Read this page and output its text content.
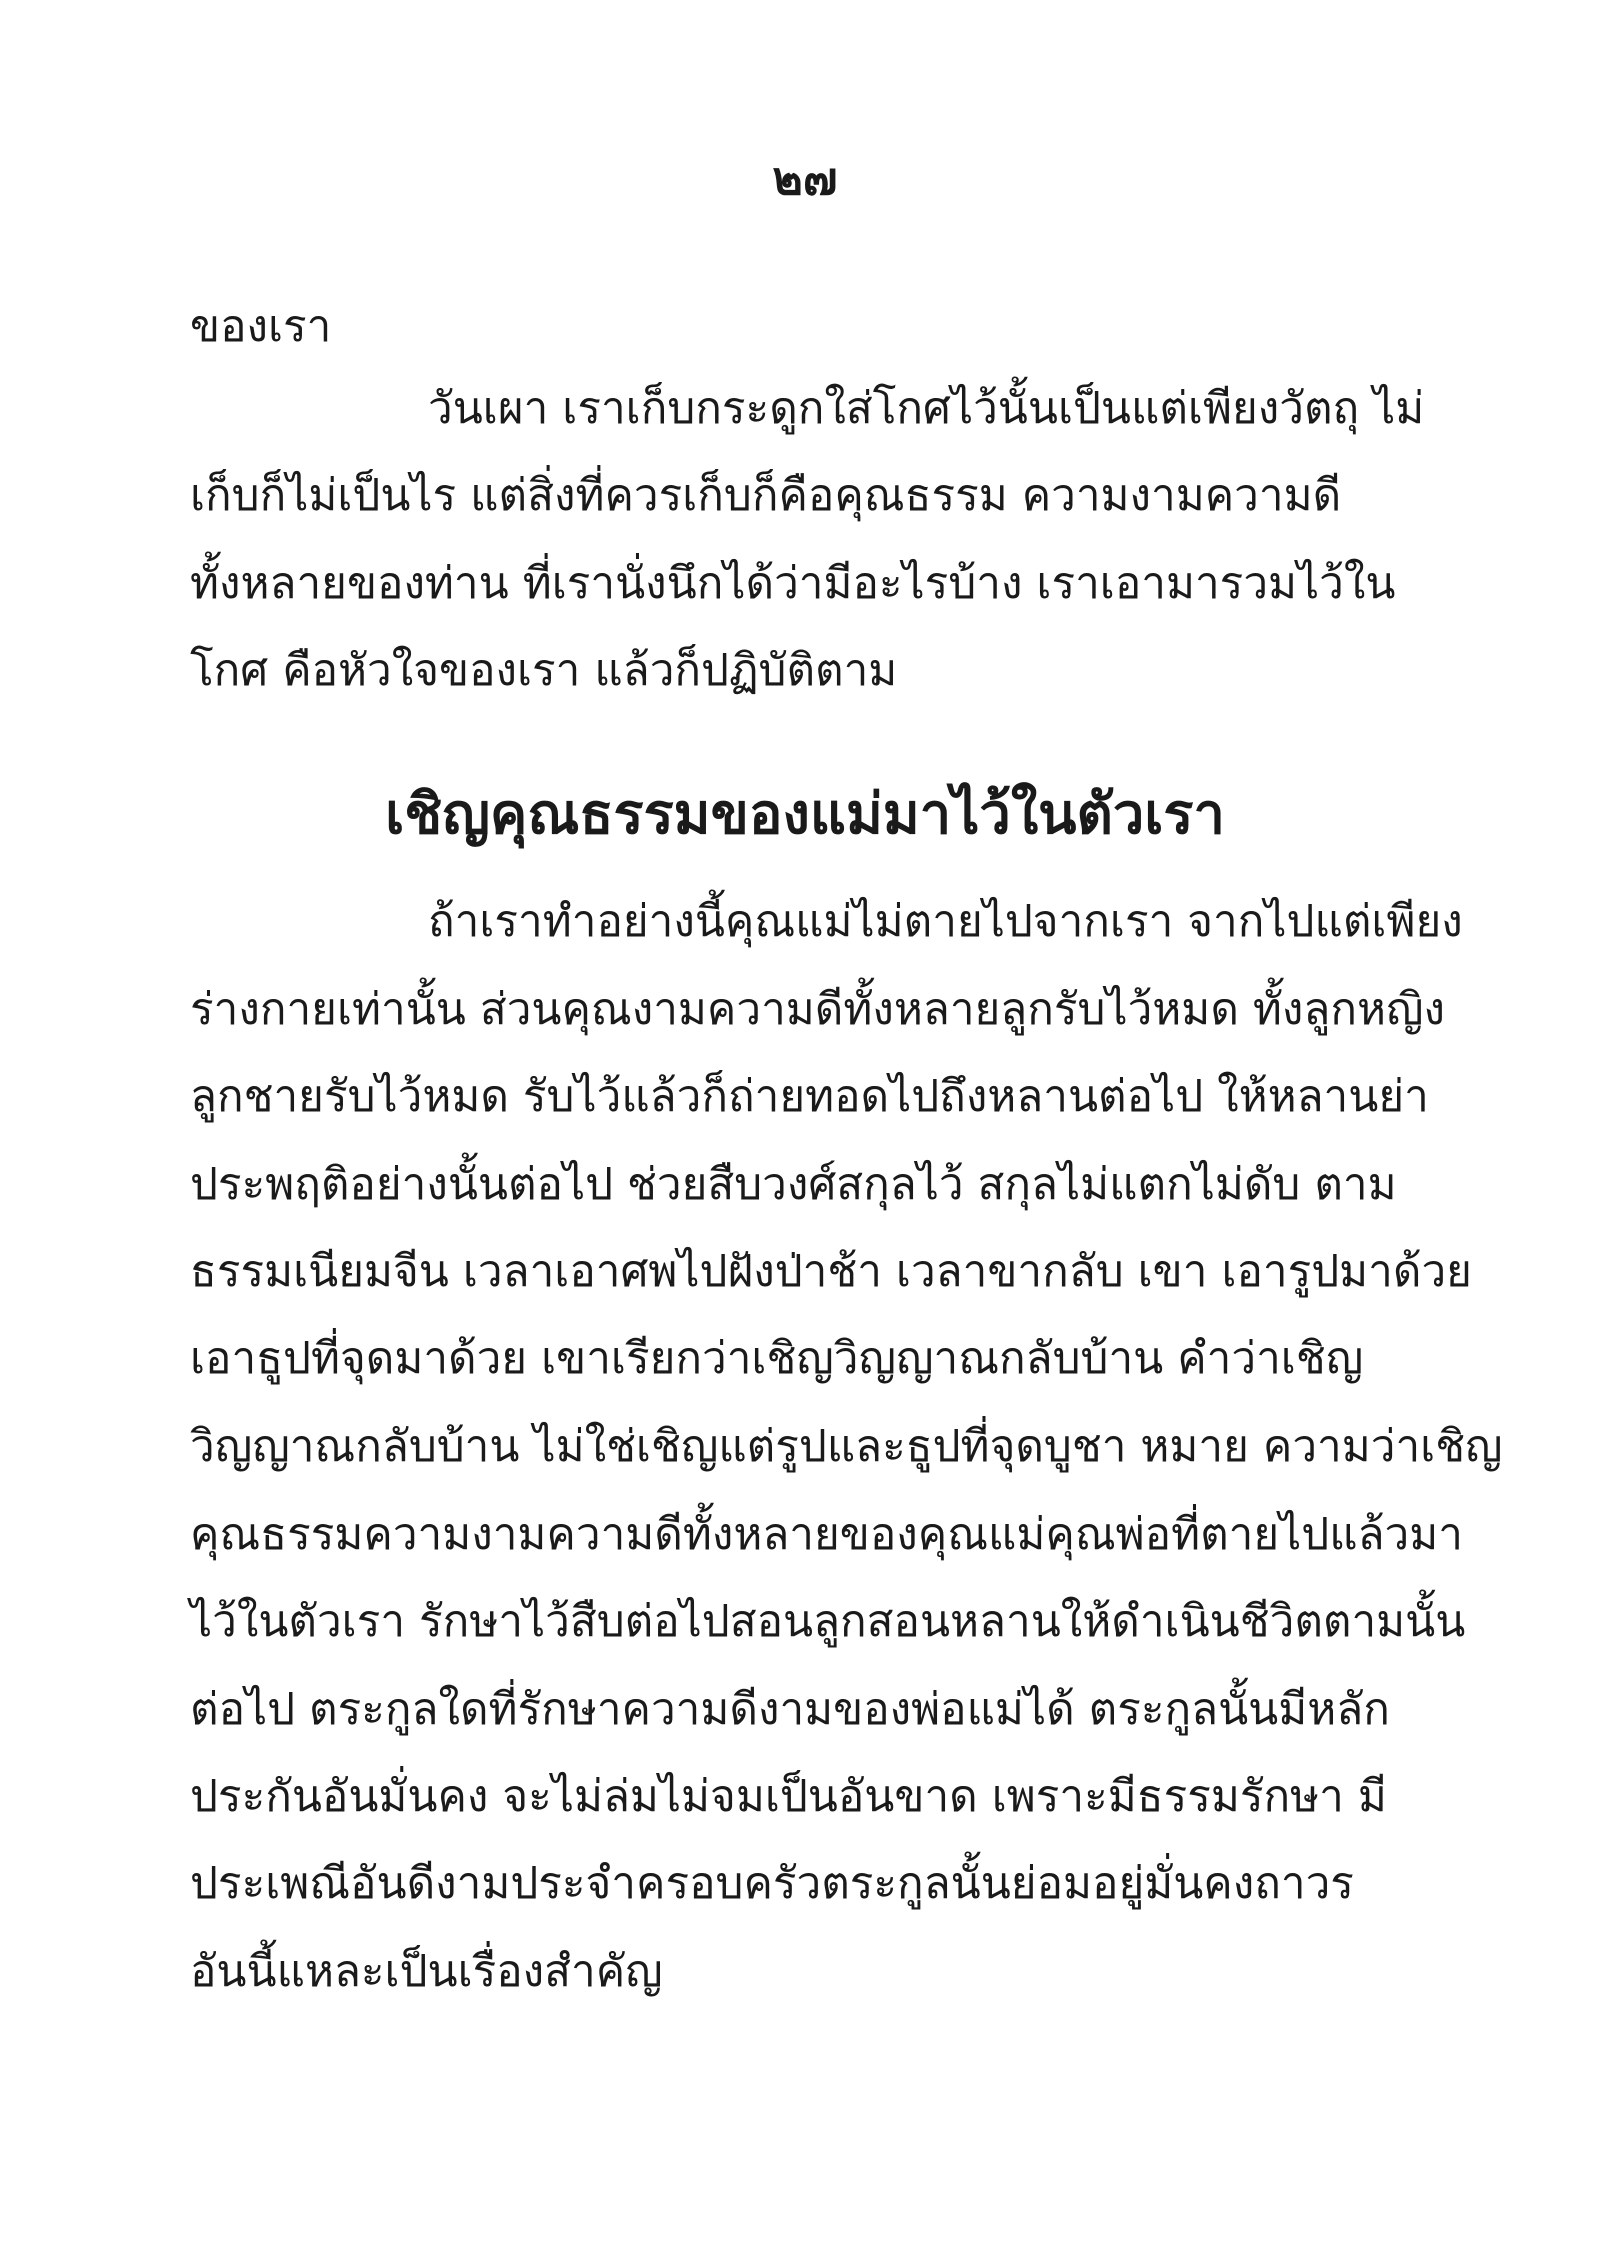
๒๗
ของเรา
วันเผา เราเก็บกระดูกใส่โกศไว้นั้นเป็นแต่เพียงวัตถุ ไม่
เก็บก็ไม่เป็นไร แต่สิ่งที่ควรเก็บก็คือคุณธรรม ความงามความดี
ทั้งหลายของท่าน ที่เรานั่งนึกได้ว่ามีอะไรบ้าง เราเอามารวมไว้ใน
โกศ คือหัวใจของเรา แล้วก็ปฏิบัติตาม
เชิญคุณธรรมของแม่มาไว้ในตัวเรา
ถ้าเราทำอย่างนี้คุณแม่ไม่ตายไปจากเรา จากไปแต่เพียง
ร่างกายเท่านั้น ส่วนคุณงามความดีทั้งหลายลูกรับไว้หมด ทั้งลูกหญิง
ลูกชายรับไว้หมด รับไว้แล้วก็ถ่ายทอดไปถึงหลานต่อไป ให้หลานย่า
ประพฤติอย่างนั้นต่อไป ช่วยสืบวงศ์สกุลไว้ สกุลไม่แตกไม่ดับ ตาม
ธรรมเนียมจีน เวลาเอาศพไปฝังป่าช้า เวลาขากลับ เขา เอารูปมาด้วย
เอาธูปที่จุดมาด้วย เขาเรียกว่าเชิญวิญญาณกลับบ้าน คำว่าเชิญ
วิญญาณกลับบ้าน ไม่ใช่เชิญแต่รูปและธูปที่จุดบูชา หมาย ความว่าเชิญ
คุณธรรมความงามความดีทั้งหลายของคุณแม่คุณพ่อที่ตายไปแล้วมา
ไว้ในตัวเรา รักษาไว้สืบต่อไปสอนลูกสอนหลานให้ดำเนินชีวิตตามนั้น
ต่อไป ตระกูลใดที่รักษาความดีงามของพ่อแม่ได้ ตระกูลนั้นมีหลัก
ประกันอันมั่นคง จะไม่ล่มไม่จมเป็นอันขาด เพราะมีธรรมรักษา มี
ประเพณีอันดีงามประจำครอบครัวตระกูลนั้นย่อมอยู่มั่นคงถาวร
อันนี้แหละเป็นเรื่องสำคัญ
